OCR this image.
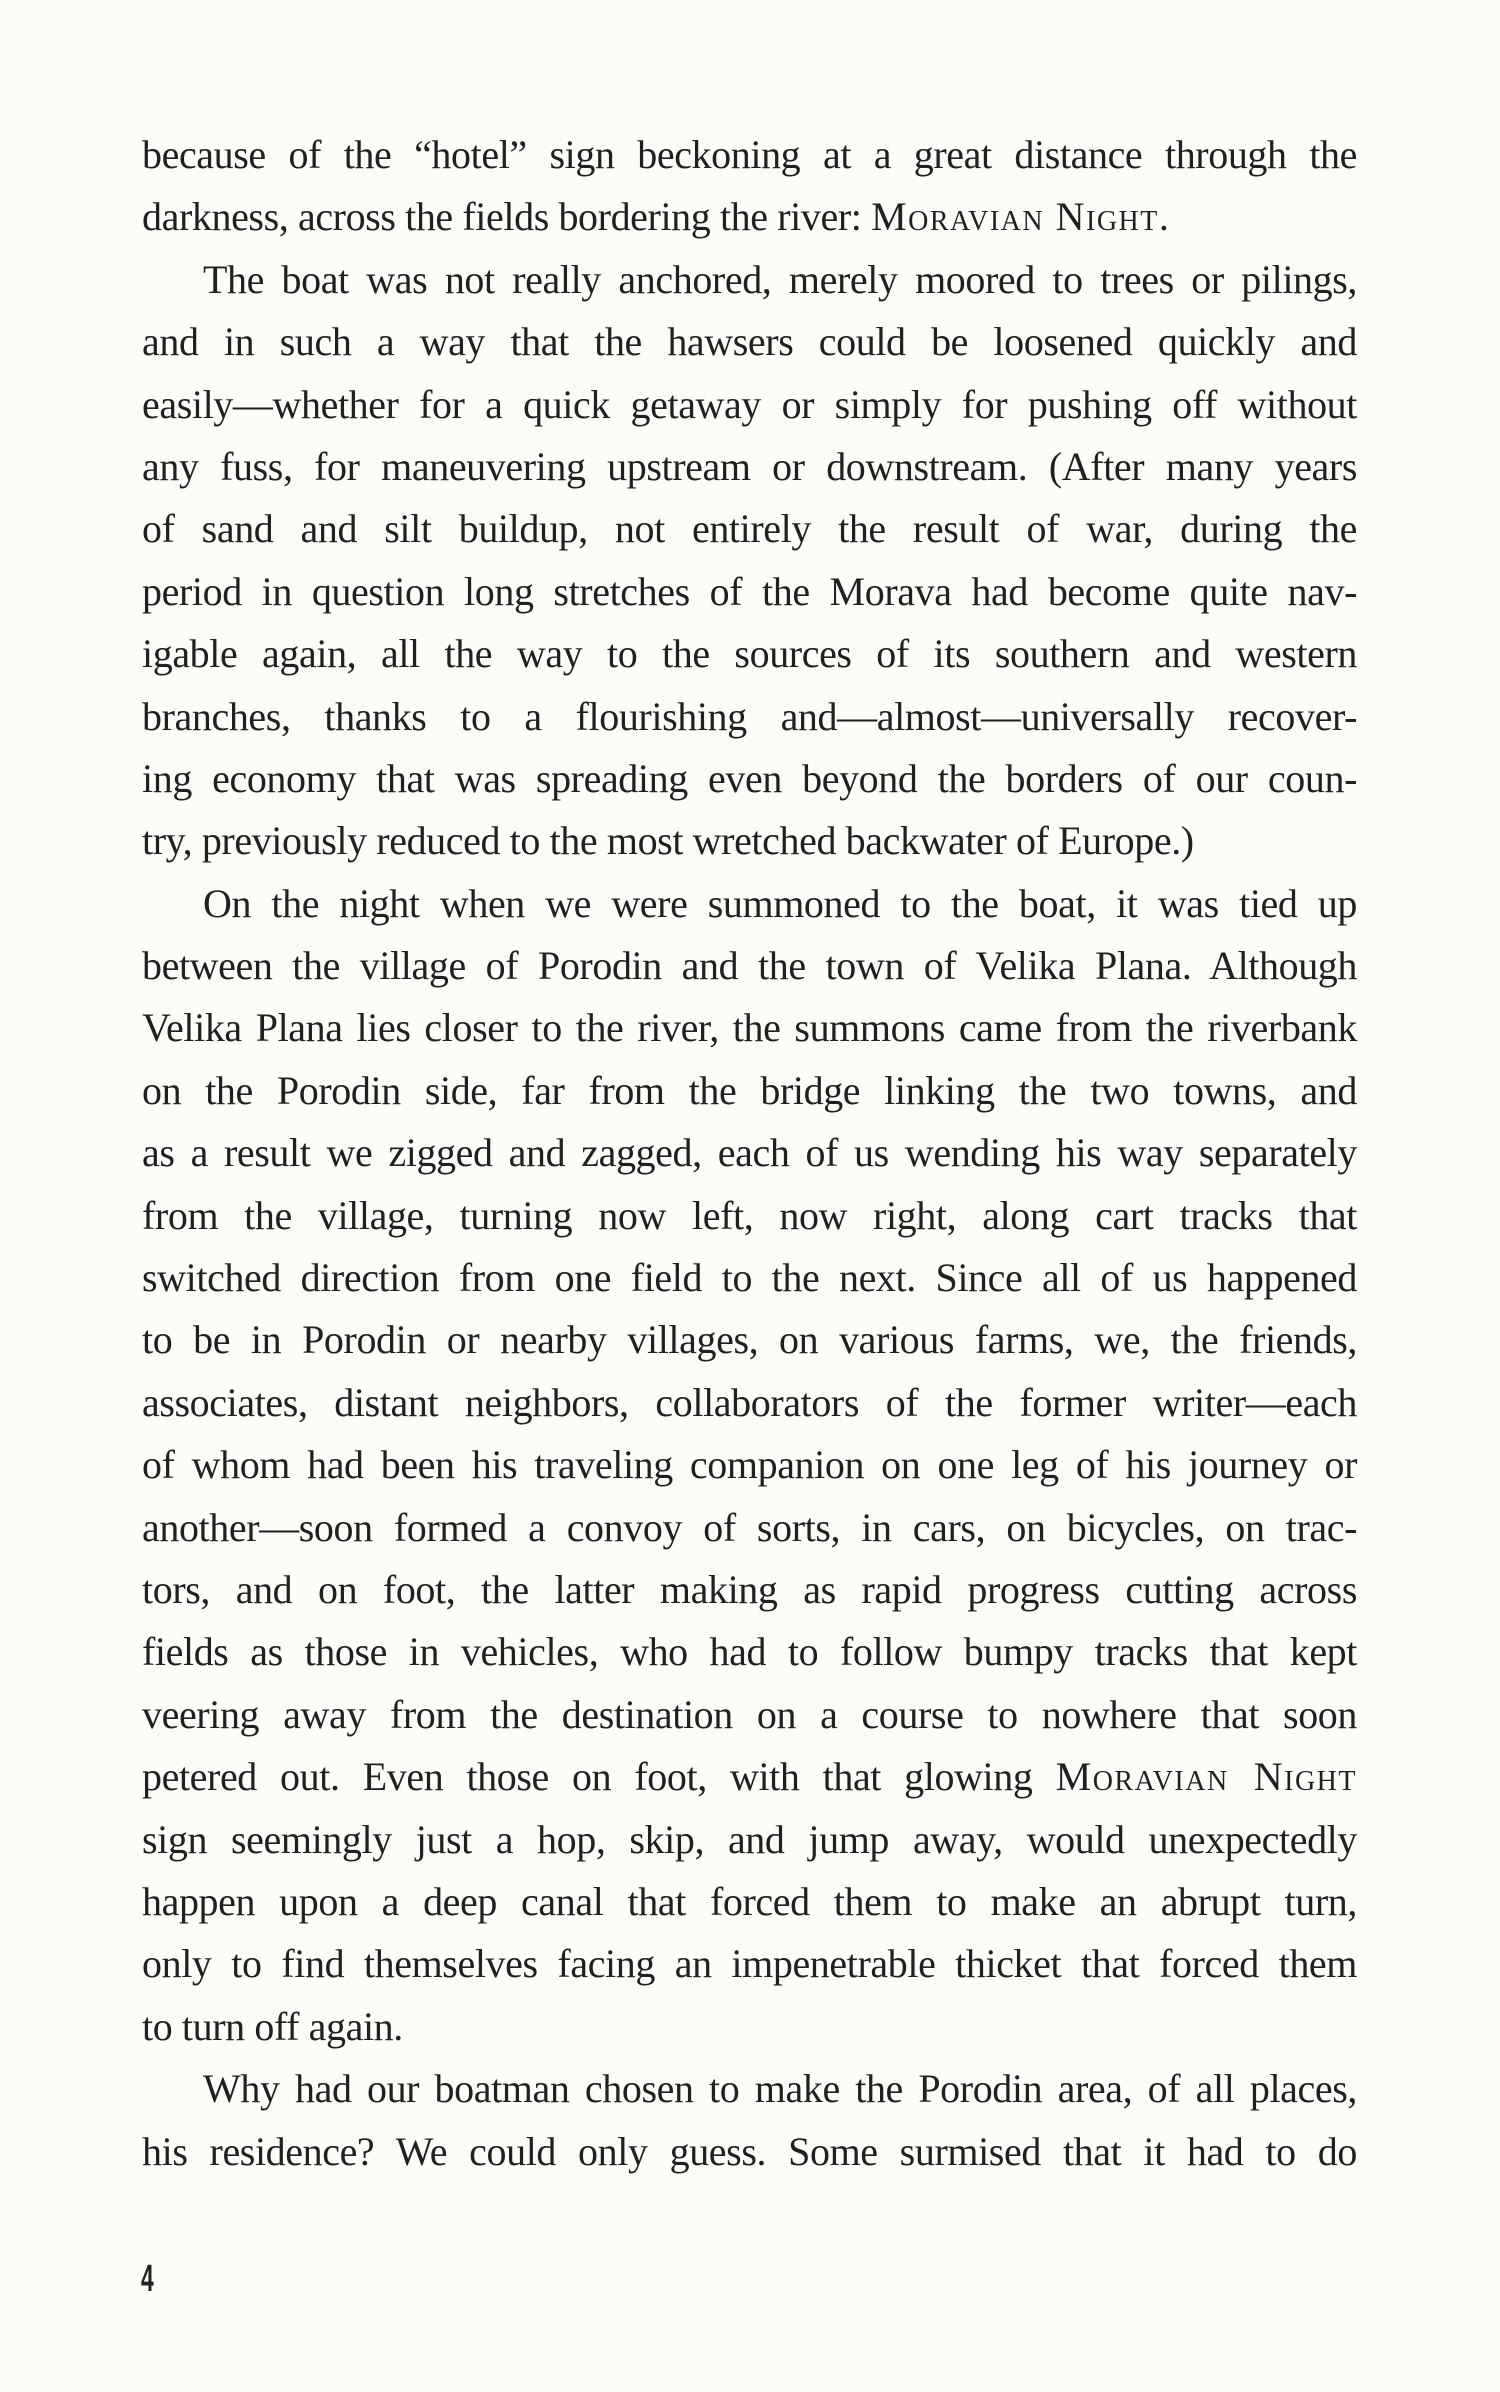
because of the “hotel” sign beckoning at a great distance through the
darkness, across the fields bordering the river: Moravian Night.
The boat was not really anchored, merely moored to trees or pilings,
and in such a way that the hawsers could be loosened quickly and
easily—whether for a quick getaway or simply for pushing off without
any fuss, for maneuvering upstream or downstream. (After many years
of sand and silt buildup, not entirely the result of war, during the
period in question long stretches of the Morava had become quite nav-
igable again, all the way to the sources of its southern and western
branches, thanks to a flourishing and—almost—universally recover-
ing economy that was spreading even beyond the borders of our coun-
try, previously reduced to the most wretched backwater of Europe.)
On the night when we were summoned to the boat, it was tied up
between the village of Porodin and the town of Velika Plana. Although
Velika Plana lies closer to the river, the summons came from the riverbank
on the Porodin side, far from the bridge linking the two towns, and
as a result we zigged and zagged, each of us wending his way separately
from the village, turning now left, now right, along cart tracks that
switched direction from one field to the next. Since all of us happened
to be in Porodin or nearby villages, on various farms, we, the friends,
associates, distant neighbors, collaborators of the former writer—each
of whom had been his traveling companion on one leg of his journey or
another—soon formed a convoy of sorts, in cars, on bicycles, on trac-
tors, and on foot, the latter making as rapid progress cutting across
fields as those in vehicles, who had to follow bumpy tracks that kept
veering away from the destination on a course to nowhere that soon
petered out. Even those on foot, with that glowing Moravian Night
sign seemingly just a hop, skip, and jump away, would unexpectedly
happen upon a deep canal that forced them to make an abrupt turn,
only to find themselves facing an impenetrable thicket that forced them
to turn off again.
Why had our boatman chosen to make the Porodin area, of all places,
his residence? We could only guess. Some surmised that it had to do
4
